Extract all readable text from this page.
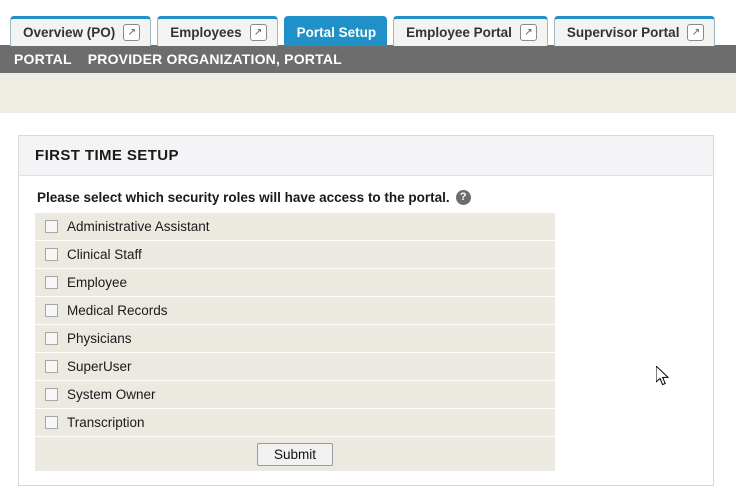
Overview (PO)	↗	Employees	↗	Portal Setup Employee Portal	↗	Supervisor Portal	↗
PORTAL PROVIDER ORGANIZATION, PORTAL
FIRST TIME SETUP
Please select which security roles will have access to the portal. ?
Administrative Assistant
Clinical Staff
Employee
Medical Records
Physicians
SuperUser
System Owner
Transcription
Submit
